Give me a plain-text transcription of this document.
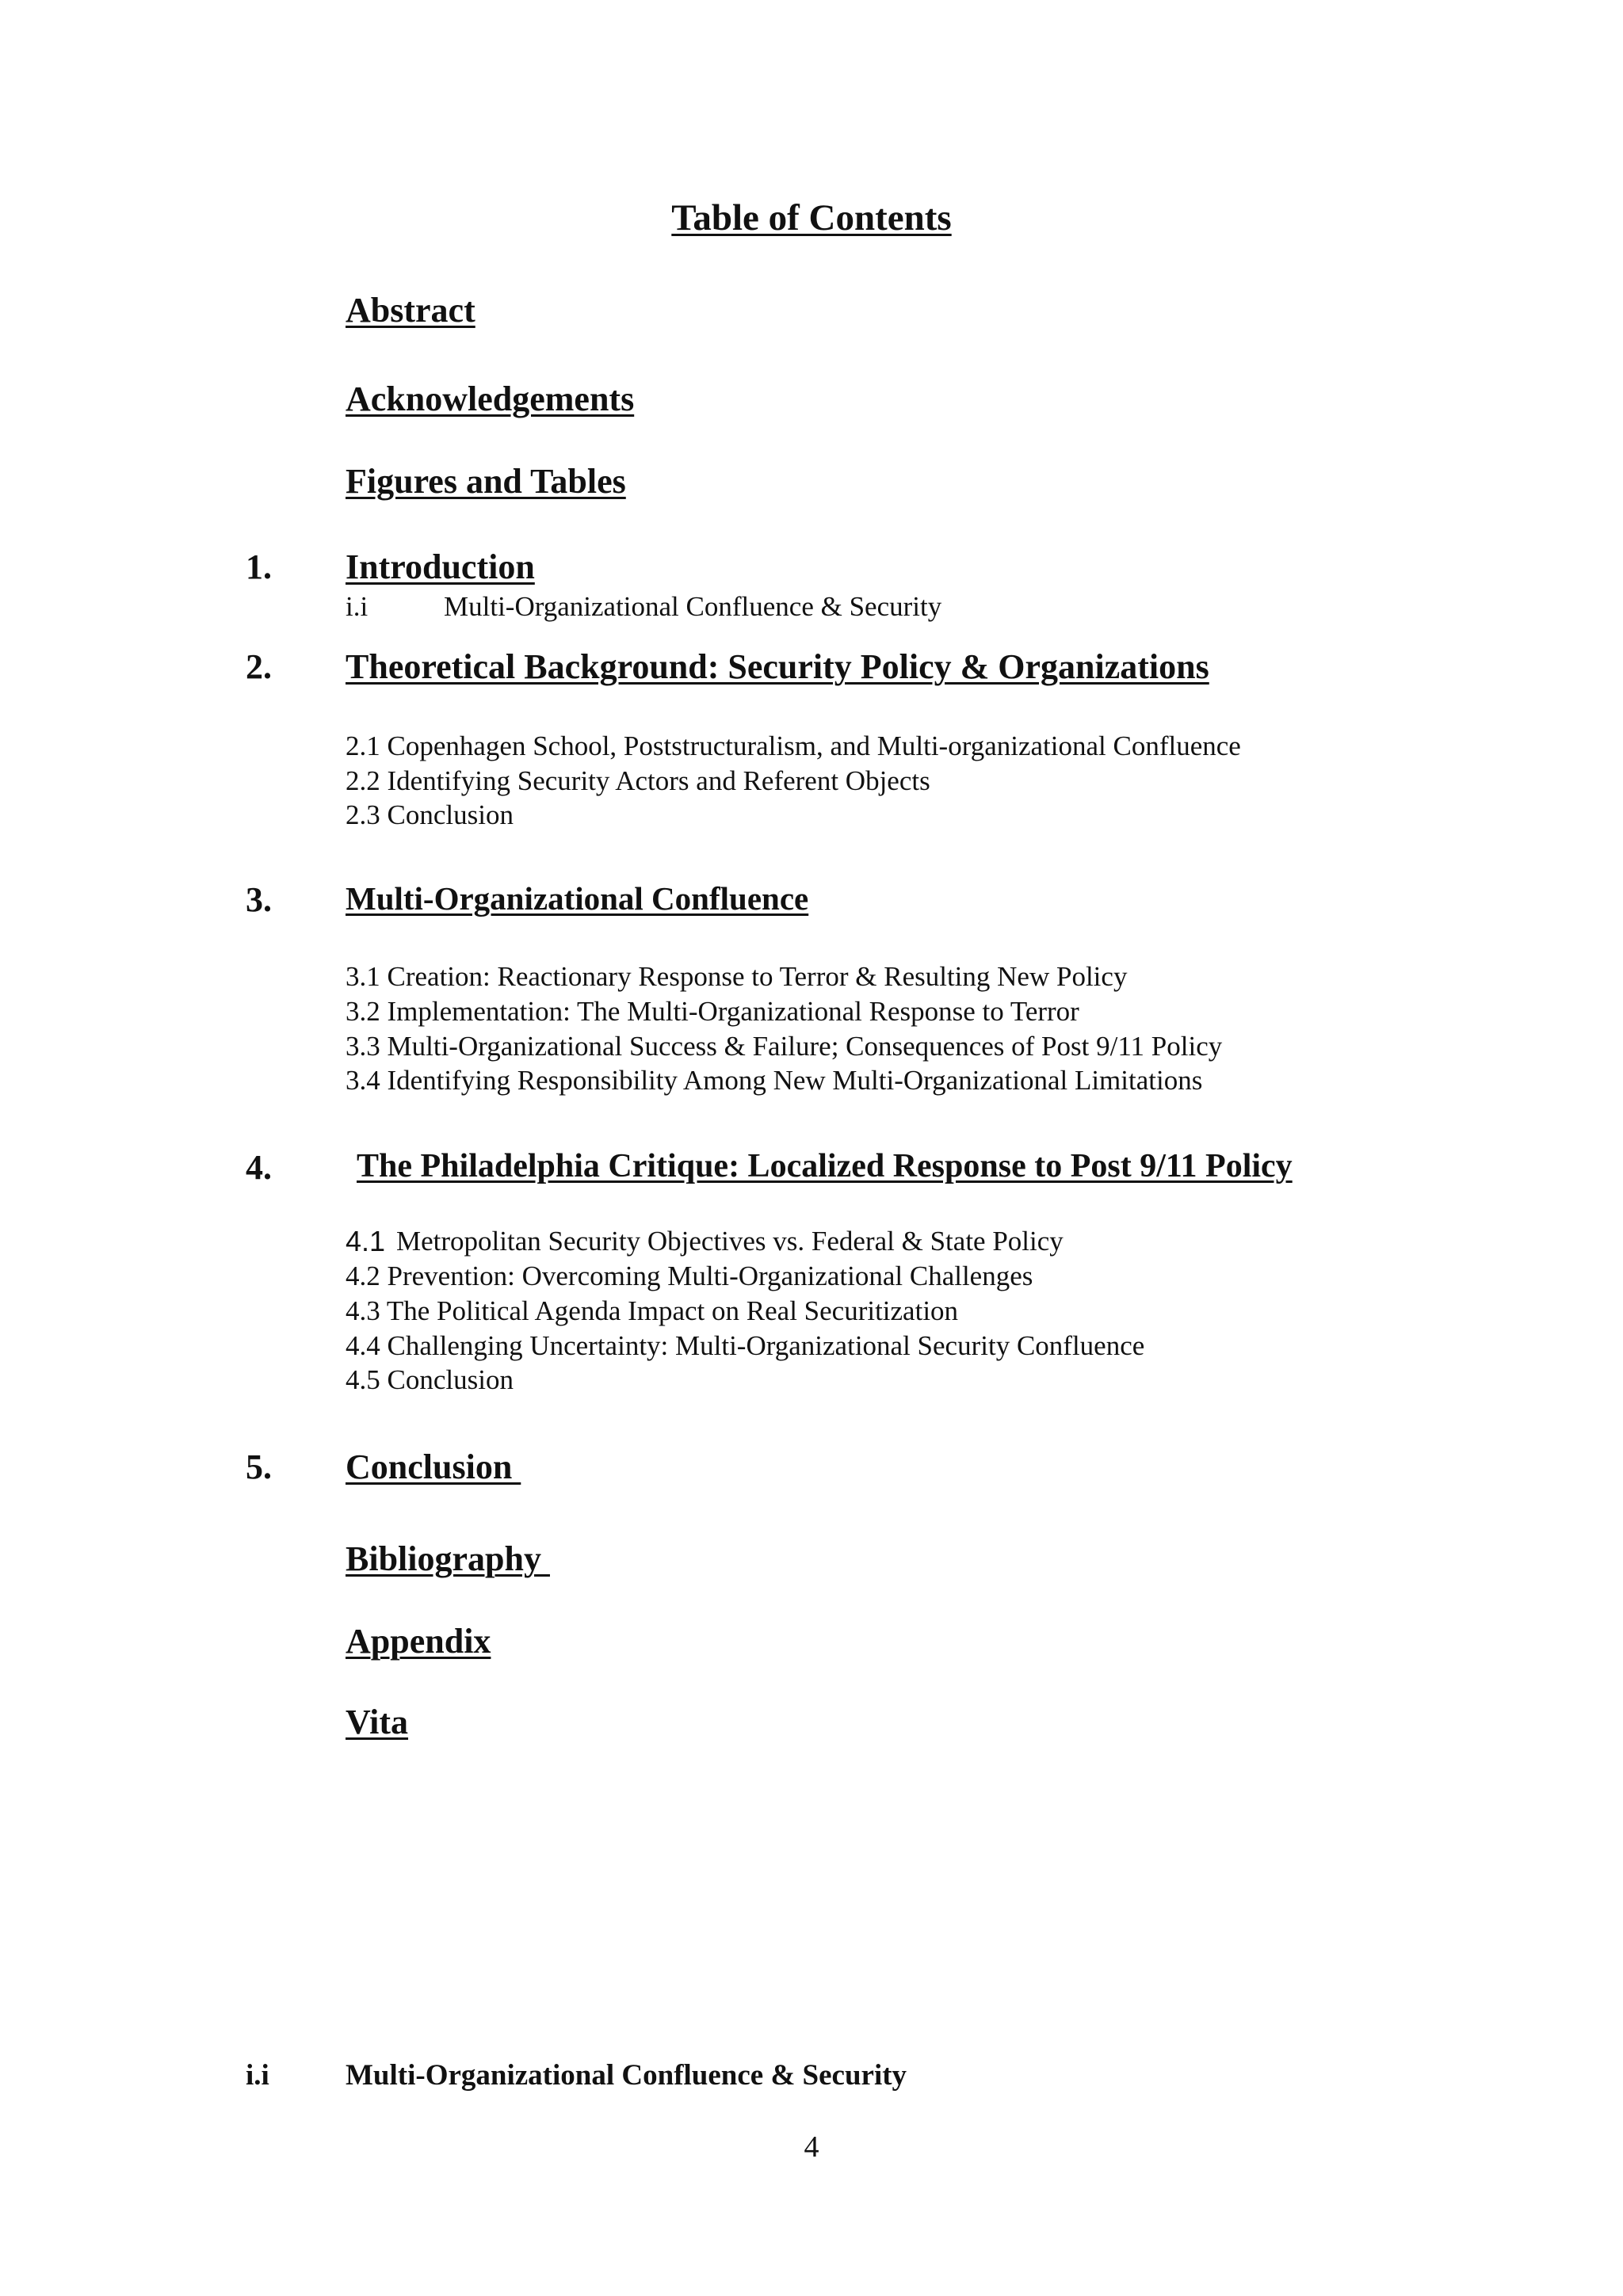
Table of Contents
Abstract
Acknowledgements
Figures and Tables
1. Introduction
i.i	Multi-Organizational Confluence & Security
2. Theoretical Background: Security Policy & Organizations
2.1 Copenhagen School, Poststructuralism, and Multi-organizational Confluence
2.2 Identifying Security Actors and Referent Objects
2.3 Conclusion
3. Multi-Organizational Confluence
3.1 Creation: Reactionary Response to Terror & Resulting New Policy
3.2 Implementation: The Multi-Organizational Response to Terror
3.3 Multi-Organizational Success & Failure; Consequences of Post 9/11 Policy
3.4 Identifying Responsibility Among New Multi-Organizational Limitations
4.	The Philadelphia Critique: Localized Response to Post 9/11 Policy
4.1 Metropolitan Security Objectives vs. Federal & State Policy
4.2 Prevention: Overcoming Multi-Organizational Challenges
4.3 The Political Agenda Impact on Real Securitization
4.4 Challenging Uncertainty: Multi-Organizational Security Confluence
4.5 Conclusion
5. Conclusion
Bibliography
Appendix
Vita
i.i	Multi-Organizational Confluence & Security
4
